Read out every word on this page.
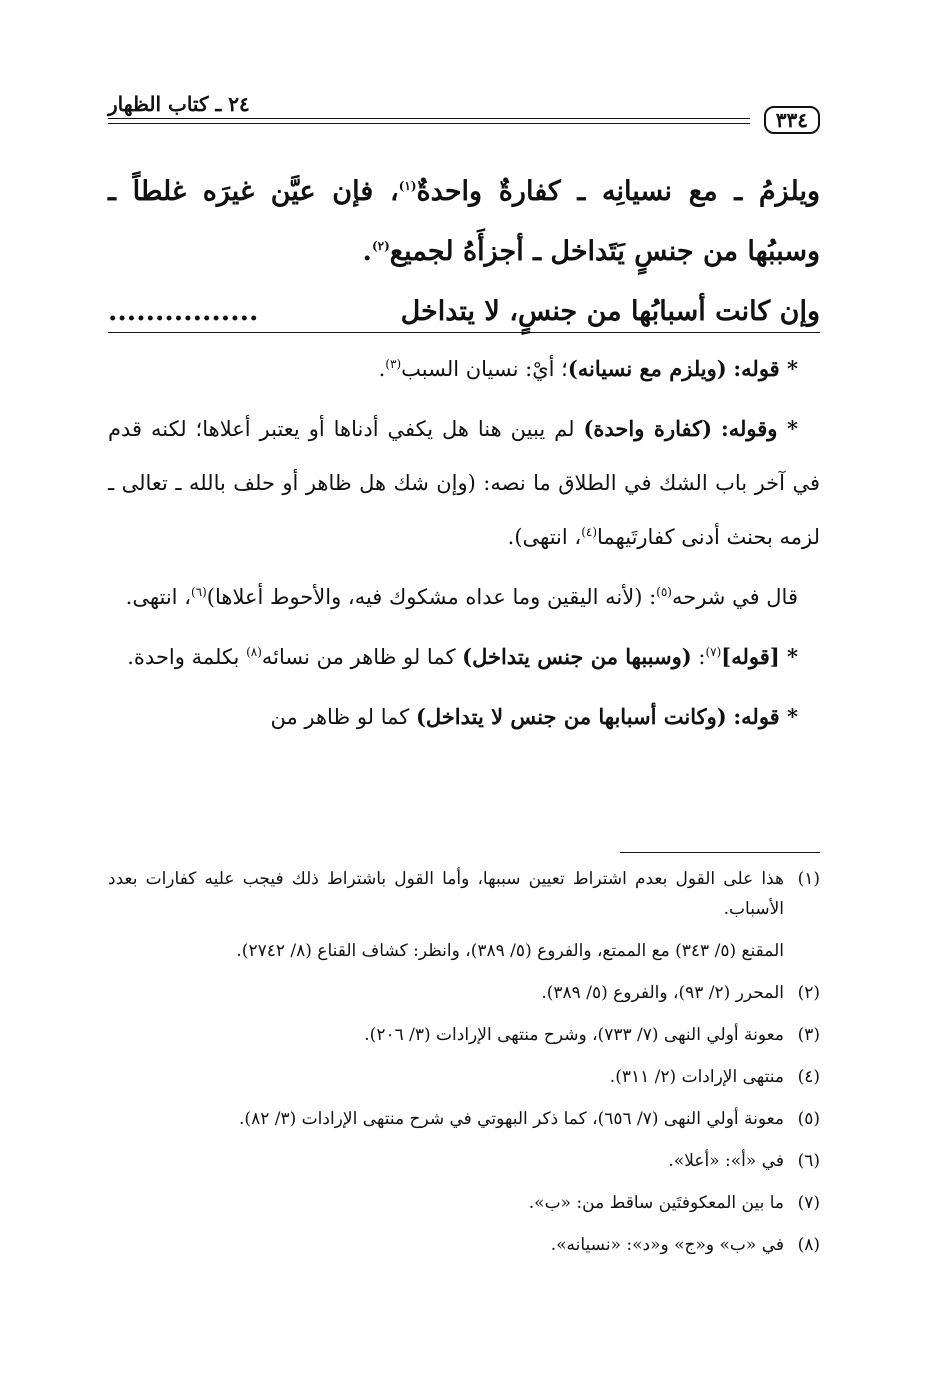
٣٣٤
٢٤ ـ كتاب الظهار

ويلزمُ ـ مع نسيانِه ـ كفارةٌ واحدةٌ$^{(١)}$، فإن عيَّن غيرَه غلطاً ـ وسببُها من جنسٍ يَتَداخل ـ أجزأَهُ لجميع$^{(٢)}$.

وإن كانت أسبابُها من جنسٍ، لا يتداخل
................

* قوله: (ويلزم مع نسيانه)؛ أيْ: نسيان السبب$^{(٣)}$.

* وقوله: (كفارة واحدة) لم يبين هنا هل يكفي أدناها أو يعتبر أعلاها؛ لكنه قدم في آخر باب الشك في الطلاق ما نصه: (وإن شك هل ظاهر أو حلف بالله ـ تعالى ـ لزمه بحنث أدنى كفارتَيهما$^{(٤)}$، انتهى).

قال في شرحه$^{(٥)}$: (لأنه اليقين وما عداه مشكوك فيه، والأحوط أعلاها)$^{(٦)}$، انتهى.

* [قوله]$^{(٧)}$: (وسببها من جنس يتداخل) كما لو ظاهر من نسائه$^{(٨)}$ بكلمة واحدة.

* قوله: (وكانت أسبابها من جنس لا يتداخل) كما لو ظاهر من

(١)
هذا على القول بعدم اشتراط تعيين سببها، وأما القول باشتراط ذلك فيجب عليه كفارات بعدد الأسباب.
المقنع (٥/ ٣٤٣) مع الممتع، والفروع (٥/ ٣٨٩)، وانظر: كشاف القناع (٨/ ٢٧٤٢).
(٢)
المحرر (٢/ ٩٣)، والفروع (٥/ ٣٨٩).
(٣)
معونة أولي النهى (٧/ ٧٣٣)، وشرح منتهى الإرادات (٣/ ٢٠٦).
(٤)
منتهى الإرادات (٢/ ٣١١).
(٥)
معونة أولي النهى (٧/ ٦٥٦)، كما ذكر البهوتي في شرح منتهى الإرادات (٣/ ٨٢).
(٦)
في «أ»: «أعلا».
(٧)
ما بين المعكوفتَين ساقط من: «ب».
(٨)
في «ب» و«ج» و«د»: «نسيانه».
